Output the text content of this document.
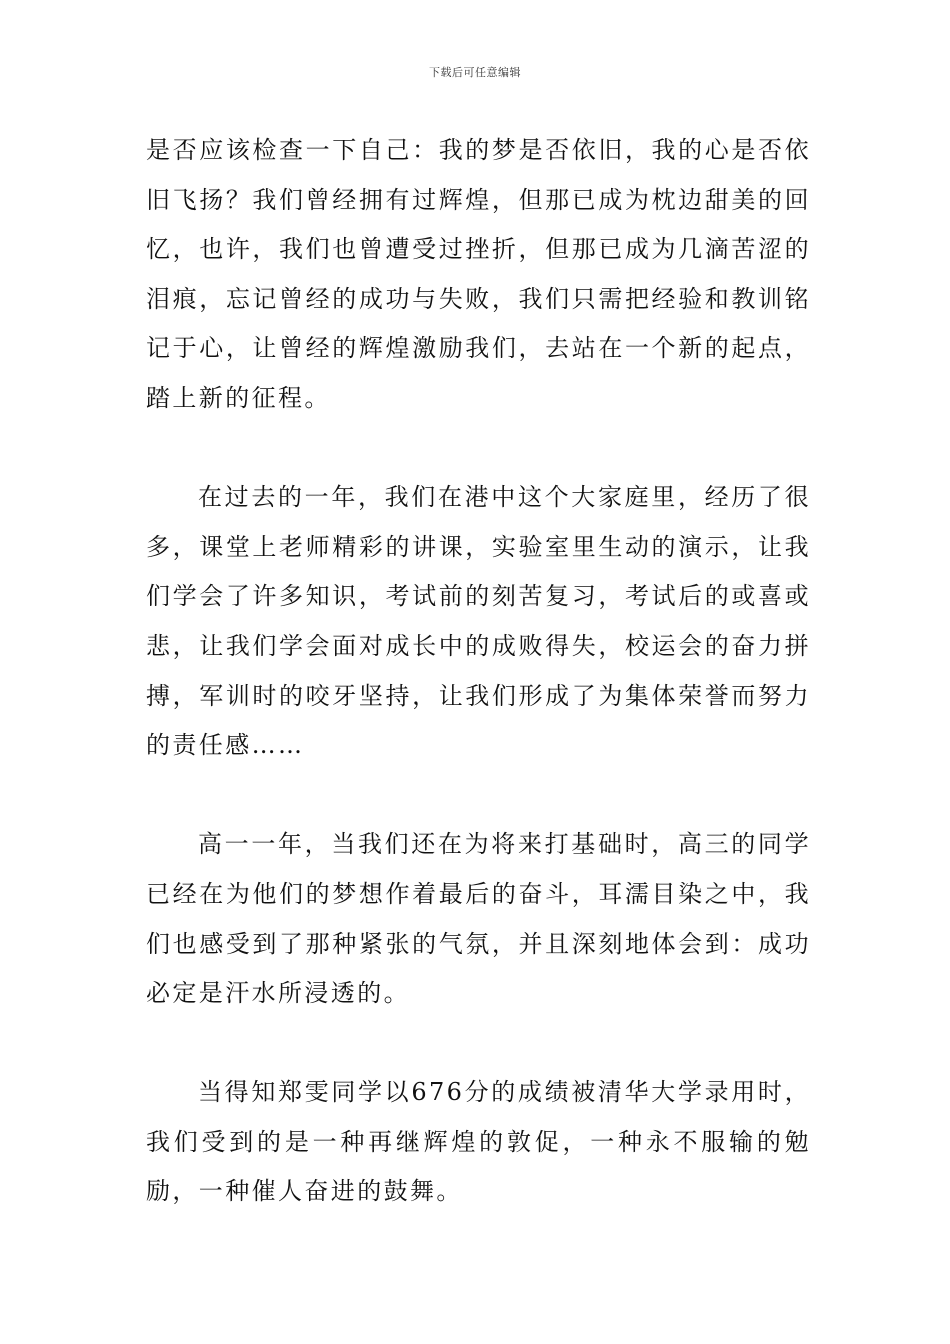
下载后可任意编辑

是否应该检查一下自己：我的梦是否依旧，我的心是否依旧飞扬？我们曾经拥有过辉煌，但那已成为枕边甜美的回忆，也许，我们也曾遭受过挫折，但那已成为几滴苦涩的泪痕，忘记曾经的成功与失败，我们只需把经验和教训铭记于心，让曾经的辉煌激励我们，去站在一个新的起点，踏上新的征程。

在过去的一年，我们在港中这个大家庭里，经历了很多，课堂上老师精彩的讲课，实验室里生动的演示，让我们学会了许多知识，考试前的刻苦复习，考试后的或喜或悲，让我们学会面对成长中的成败得失，校运会的奋力拼搏，军训时的咬牙坚持，让我们形成了为集体荣誉而努力的责任感……

高一一年，当我们还在为将来打基础时，高三的同学已经在为他们的梦想作着最后的奋斗，耳濡目染之中，我们也感受到了那种紧张的气氛，并且深刻地体会到：成功必定是汗水所浸透的。

当得知郑雯同学以676分的成绩被清华大学录用时，我们受到的是一种再继辉煌的敦促，一种永不服输的勉励，一种催人奋进的鼓舞。
